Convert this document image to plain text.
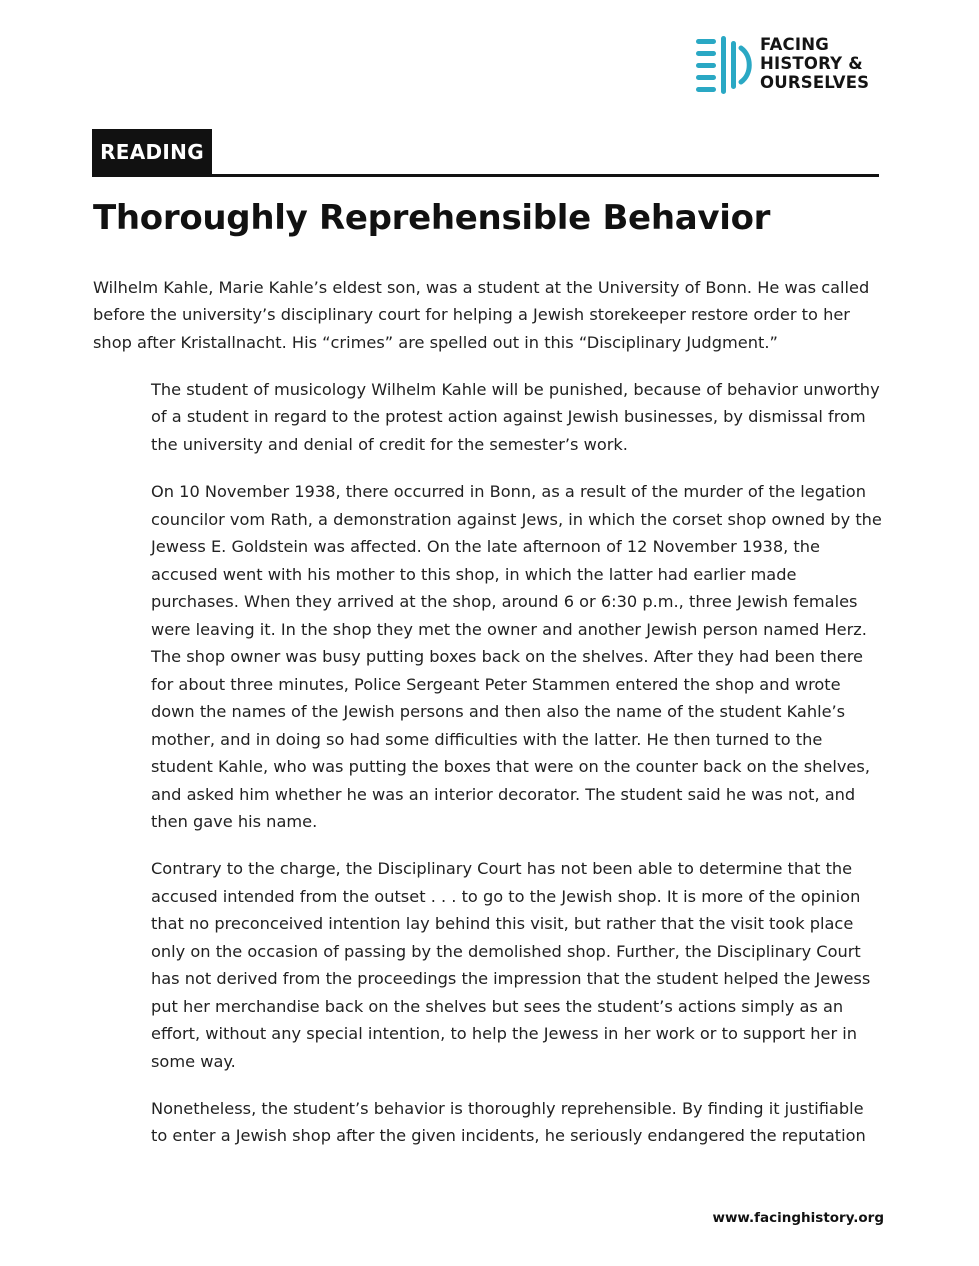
FACING
HISTORY &
OURSELVES
READING
Thoroughly Reprehensible Behavior
Wilhelm Kahle, Marie Kahle’s eldest son, was a student at the University of Bonn. He was called
before the university’s disciplinary court for helping a Jewish storekeeper restore order to her
shop after Kristallnacht. His “crimes” are spelled out in this “Disciplinary Judgment.”
The student of musicology Wilhelm Kahle will be punished, because of behavior unworthy
of a student in regard to the protest action against Jewish businesses, by dismissal from
the university and denial of credit for the semester’s work.
On 10 November 1938, there occurred in Bonn, as a result of the murder of the legation
councilor vom Rath, a demonstration against Jews, in which the corset shop owned by the
Jewess E. Goldstein was affected. On the late afternoon of 12 November 1938, the
accused went with his mother to this shop, in which the latter had earlier made
purchases. When they arrived at the shop, around 6 or 6:30 p.m., three Jewish females
were leaving it. In the shop they met the owner and another Jewish person named Herz.
The shop owner was busy putting boxes back on the shelves. After they had been there
for about three minutes, Police Sergeant Peter Stammen entered the shop and wrote
down the names of the Jewish persons and then also the name of the student Kahle’s
mother, and in doing so had some difficulties with the latter. He then turned to the
student Kahle, who was putting the boxes that were on the counter back on the shelves,
and asked him whether he was an interior decorator. The student said he was not, and
then gave his name.
Contrary to the charge, the Disciplinary Court has not been able to determine that the
accused intended from the outset . . . to go to the Jewish shop. It is more of the opinion
that no preconceived intention lay behind this visit, but rather that the visit took place
only on the occasion of passing by the demolished shop. Further, the Disciplinary Court
has not derived from the proceedings the impression that the student helped the Jewess
put her merchandise back on the shelves but sees the student’s actions simply as an
effort, without any special intention, to help the Jewess in her work or to support her in
some way.
Nonetheless, the student’s behavior is thoroughly reprehensible. By finding it justifiable
to enter a Jewish shop after the given incidents, he seriously endangered the reputation
www.facinghistory.org
